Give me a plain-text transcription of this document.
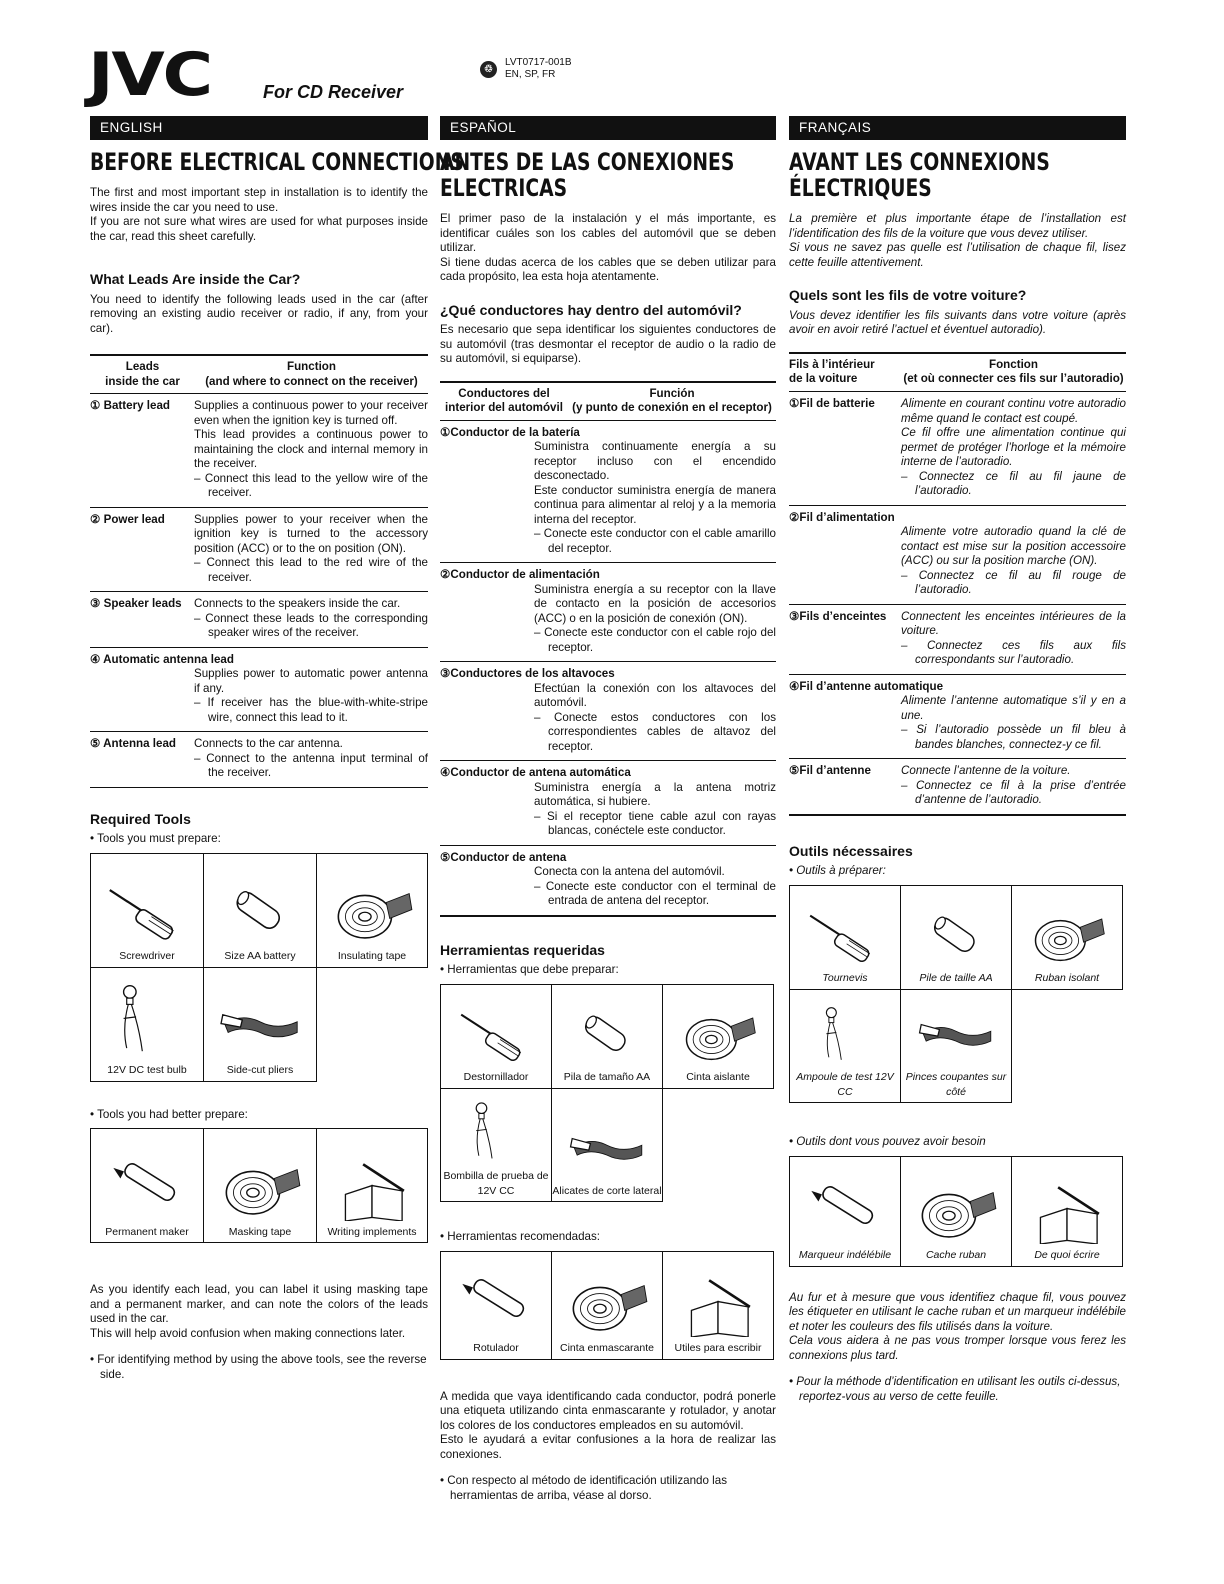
JVC	For CD Receiver
♲
LVT0717-001B
EN, SP, FR
ENGLISH
BEFORE ELECTRICAL CONNECTIONS

The first and most important step in installation is to identify the wires inside the car you need to use.

If you are not sure what wires are used for what purposes inside the car, read this sheet carefully.

What Leads Are inside the Car?

You need to identify the following leads used in the car (after removing an existing audio receiver or radio, if any, from your car).

Leads
inside the car
Function
(and where to connect on the receiver)
① Battery lead	Supplies a continuous power to your receiver even when the ignition key is turned off.
This lead provides a continuous power to maintaining the clock and internal memory in the receiver.
– Connect this lead to the yellow wire of the receiver.
② Power lead	Supplies power to your receiver when the ignition key is turned to the accessory position (ACC) or to the on position (ON).
– Connect this lead to the red wire of the receiver.
③ Speaker leads	Connects to the speakers inside the car.
– Connect these leads to the corresponding speaker wires of the receiver.
④ Automatic antenna lead
Supplies power to automatic power antenna if any.
– If receiver has the blue-with-white-stripe wire, connect this lead to it.
⑤ Antenna lead	Connects to the car antenna.
– Connect to the antenna input terminal of the receiver.
Required Tools
• Tools you must prepare:
Screwdriver	Size AA battery	Insulating tape

12V DC test bulb	Side-cut pliers	
• Tools you had better prepare:
Permanent maker	Masking tape	Writing implements
As you identify each lead, you can label it using masking tape and a permanent marker, and can note the colors of the leads used in the car.
This will help avoid confusion when making connections later.
• For identifying method by using the above tools, see the reverse side.
ESPAÑOL
ANTES DE LAS CONEXIONES
ELECTRICAS

El primer paso de la instalación y el más importante, es identificar cuáles son los cables del automóvil que se deben utilizar.

Si tiene dudas acerca de los cables que se deben utilizar para cada propósito, lea esta hoja atentamente.

¿Qué conductores hay dentro del automóvil?

Es necesario que sepa identificar los siguientes conductores de su automóvil (tras desmontar el receptor de audio o la radio de su automóvil, si equiparse).

Conductores del
interior del automóvil
Función
(y punto de conexión en el receptor)
①Conductor de la batería
Suministra continuamente energía a su receptor incluso con el encendido desconectado.
Este conductor suministra energía de manera continua para alimentar al reloj y a la memoria interna del receptor.
– Conecte este conductor con el cable amarillo del receptor.
②Conductor de alimentación
Suministra energía a su receptor con la llave de contacto en la posición de accesorios (ACC) o en la posición de conexión (ON).
– Conecte este conductor con el cable rojo del receptor.
③Conductores de los altavoces
Efectúan la conexión con los altavoces del automóvil.
– Conecte estos conductores con los correspondientes cables de altavoz del receptor.
④Conductor de antena automática
Suministra energía a la antena motriz automática, si hubiere.
– Si el receptor tiene cable azul con rayas blancas, conéctele este conductor.
⑤Conductor de antena
Conecta con la antena del automóvil.
– Conecte este conductor con el terminal de entrada de antena del receptor.
Herramientas requeridas
• Herramientas que debe preparar:
Destornillador	Pila de tamaño AA	Cinta aislante

Bombilla de prueba de 12V CC	Alicates de corte lateral	
• Herramientas recomendadas:
Rotulador	Cinta enmascarante	Utiles para escribir
A medida que vaya identificando cada conductor, podrá ponerle una etiqueta utilizando cinta enmascarante y rotulador, y anotar los colores de los conductores empleados en su automóvil.
Esto le ayudará a evitar confusiones a la hora de realizar las conexiones.
• Con respecto al método de identificación utilizando las herramientas de arriba, véase al dorso.
FRANÇAIS
AVANT LES CONNEXIONS
ÉLECTRIQUES

La première et plus importante étape de l’installation est l’identification des fils de la voiture que vous devez utiliser.

Si vous ne savez pas quelle est l’utilisation de chaque fil, lisez cette feuille attentivement.

Quels sont les fils de votre voiture?

Vous devez identifier les fils suivants dans votre voiture (après avoir en avoir retiré l’actuel et éventuel autoradio).

Fils à l’intérieur
de la voiture
Fonction
(et où connecter ces fils sur l’autoradio)
①Fil de batterie	Alimente en courant continu votre autoradio même quand le contact est coupé.
Ce fil offre une alimentation continue qui permet de protéger l’horloge et la mémoire interne de l’autoradio.
– Connectez ce fil au fil jaune de l’autoradio.
②Fil d’alimentation
Alimente votre autoradio quand la clé de contact est mise sur la position accessoire (ACC) ou sur la position marche (ON).
– Connectez ce fil au fil rouge de l’autoradio.
③Fils d’enceintes	Connectent les enceintes intérieures de la voiture.
– Connectez ces fils aux fils correspondants sur l’autoradio.
④Fil d’antenne automatique
Alimente l’antenne automatique s’il y en a une.
– Si l’autoradio possède un fil bleu à bandes blanches, connectez-y ce fil.
⑤Fil d’antenne	Connecte l’antenne de la voiture.
– Connectez ce fil à la prise d’entrée d’antenne de l’autoradio.
Outils nécessaires
• Outils à préparer:
Tournevis	Pile de taille AA	Ruban isolant

Ampoule de test 12V CC	Pinces coupantes sur côté	
• Outils dont vous pouvez avoir besoin
Marqueur indélébile	Cache ruban	De quoi écrire
Au fur et à mesure que vous identifiez chaque fil, vous pouvez les étiqueter en utilisant le cache ruban et un marqueur indélébile et noter les couleurs des fils utilisés dans la voiture.
Cela vous aidera à ne pas vous tromper lorsque vous ferez les connexions plus tard.
• Pour la méthode d’identification en utilisant les outils ci-dessus, reportez-vous au verso de cette feuille.
